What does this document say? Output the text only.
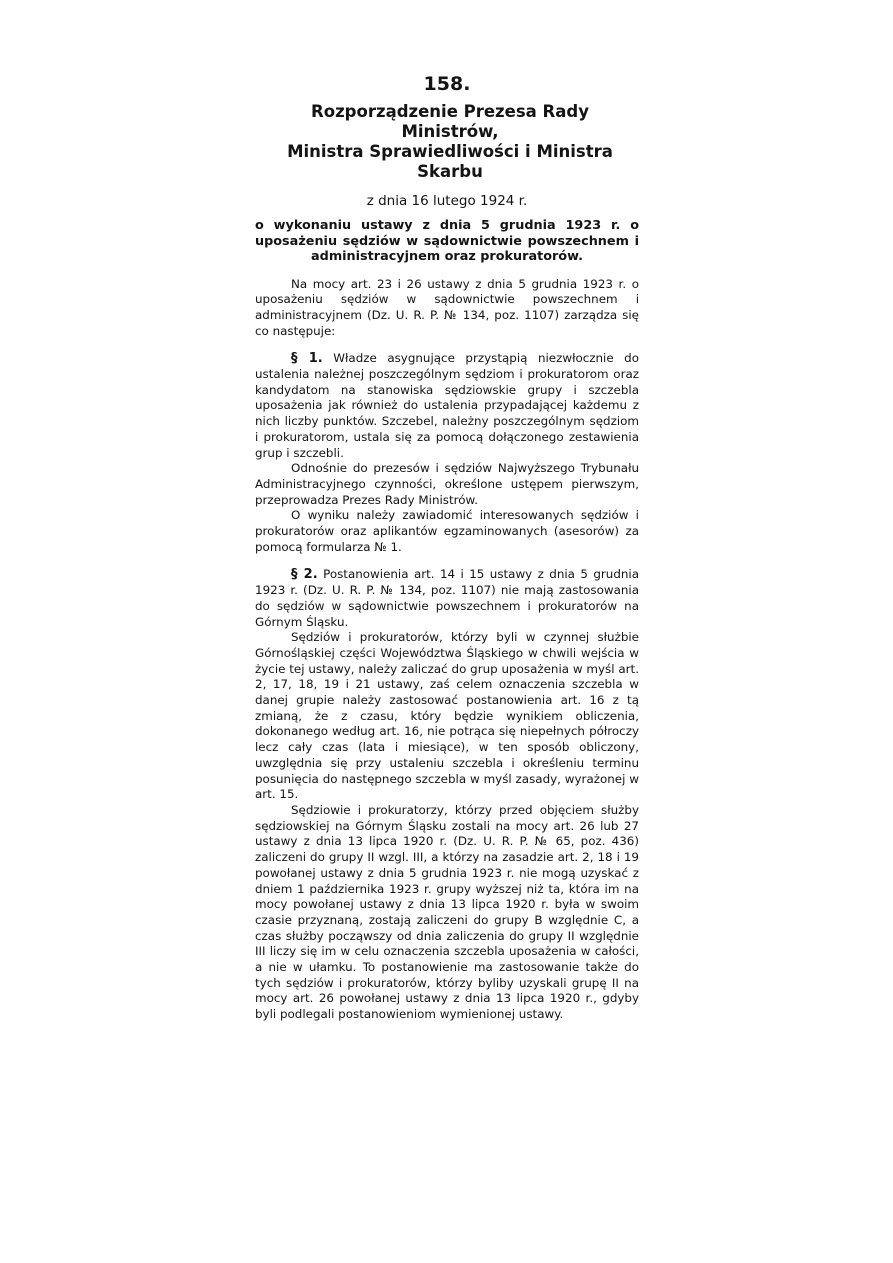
158.
Rozporządzenie Prezesa Rady Ministrów,
Ministra Sprawiedliwości i Ministra Skarbu
z dnia 16 lutego 1924 r.
o wykonaniu ustawy z dnia 5 grudnia 1923 r. o uposażeniu sędziów w sądownictwie powszechnem i administracyjnem oraz prokuratorów.

Na mocy art. 23 i 26 ustawy z dnia 5 grudnia 1923 r. o uposażeniu sędziów w sądownictwie powszechnem i administracyjnem (Dz. U. R. P. № 134, poz. 1107) zarządza się co następuje:

§ 1. Władze asygnujące przystąpią niezwłocznie do ustalenia należnej poszczególnym sędziom i prokuratorom oraz kandydatom na stanowiska sędziowskie grupy i szczebla uposażenia jak również do ustalenia przypadającej każdemu z nich liczby punktów. Szczebel, należny poszczególnym sędziom i prokuratorom, ustala się za pomocą dołączonego zestawienia grup i szczebli.

Odnośnie do prezesów i sędziów Najwyższego Trybunału Administracyjnego czynności, określone ustępem pierwszym, przeprowadza Prezes Rady Ministrów.

O wyniku należy zawiadomić interesowanych sędziów i prokuratorów oraz aplikantów egzaminowanych (asesorów) za pomocą formularza № 1.

§ 2. Postanowienia art. 14 i 15 ustawy z dnia 5 grudnia 1923 r. (Dz. U. R. P. № 134, poz. 1107) nie mają zastosowania do sędziów w sądownictwie powszechnem i prokuratorów na Górnym Śląsku.

Sędziów i prokuratorów, którzy byli w czynnej służbie Górnośląskiej części Województwa Śląskiego w chwili wejścia w życie tej ustawy, należy zaliczać do grup uposażenia w myśl art. 2, 17, 18, 19 i 21 ustawy, zaś celem oznaczenia szczebla w danej grupie należy zastosować postanowienia art. 16 z tą zmianą, że z czasu, który będzie wynikiem obliczenia, dokonanego według art. 16, nie potrąca się niepełnych półroczy lecz cały czas (lata i miesiące), w ten sposób obliczony, uwzględnia się przy ustaleniu szczebla i określeniu terminu posunięcia do następnego szczebla w myśl zasady, wyrażonej w art. 15.

Sędziowie i prokuratorzy, którzy przed objęciem służby sędziowskiej na Górnym Śląsku zostali na mocy art. 26 lub 27 ustawy z dnia 13 lipca 1920 r. (Dz. U. R. P. № 65, poz. 436) zaliczeni do grupy II wzgl. III, a którzy na zasadzie art. 2, 18 i 19 powołanej ustawy z dnia 5 grudnia 1923 r. nie mogą uzyskać z dniem 1 października 1923 r. grupy wyższej niż ta, która im na mocy powołanej ustawy z dnia 13 lipca 1920 r. była w swoim czasie przyznaną, zostają zaliczeni do grupy B względnie C, a czas służby począwszy od dnia zaliczenia do grupy II względnie III liczy się im w celu oznaczenia szczebla uposażenia w całości, a nie w ułamku. To postanowienie ma zastosowanie także do tych sędziów i prokuratorów, którzy byliby uzyskali grupę II na mocy art. 26 powołanej ustawy z dnia 13 lipca 1920 r., gdyby byli podlegali postanowieniom wymienionej ustawy.
